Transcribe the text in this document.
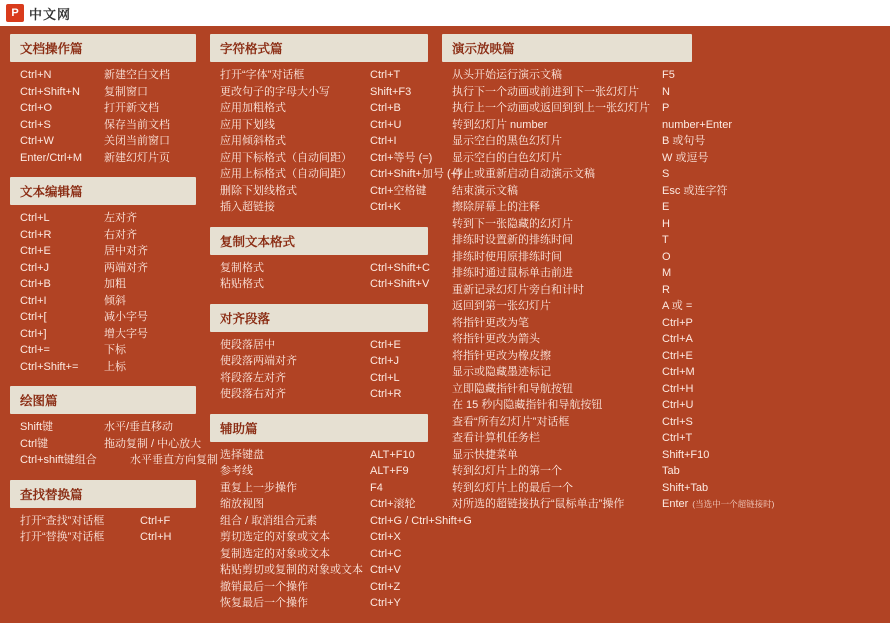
P 中文网
文档操作篇
Ctrl+N	新建空白文档
Ctrl+Shift+N	复制窗口
Ctrl+O	打开新文档
Ctrl+S	保存当前文档
Ctrl+W	关闭当前窗口
Enter/Ctrl+M	新建幻灯片页
文本编辑篇
Ctrl+L	左对齐
Ctrl+R	右对齐
Ctrl+E	居中对齐
Ctrl+J	两端对齐
Ctrl+B	加粗
Ctrl+I	倾斜
Ctrl+[	减小字号
Ctrl+]	增大字号
Ctrl+=	下标
Ctrl+Shift+=	上标
绘图篇
Shift键	水平/垂直移动
Ctrl键	拖动复制 / 中心放大
Ctrl+shift键组合	水平垂直方向复制
查找替换篇
打开“查找”对话框	Ctrl+F
打开“替换”对话框	Ctrl+H
字符格式篇
打开“字体”对话框	Ctrl+T
更改句子的字母大小写	Shift+F3
应用加粗格式	Ctrl+B
应用下划线	Ctrl+U
应用倾斜格式	Ctrl+I
应用下标格式（自动间距）	Ctrl+等号 (=)
应用上标格式（自动间距）	Ctrl+Shift+加号 (+)
删除下划线格式	Ctrl+空格键
插入超链接	Ctrl+K
复制文本格式
复制格式	Ctrl+Shift+C
粘贴格式	Ctrl+Shift+V
对齐段落
使段落居中	Ctrl+E
使段落两端对齐	Ctrl+J
将段落左对齐	Ctrl+L
使段落右对齐	Ctrl+R
辅助篇
选择键盘	ALT+F10
参考线	ALT+F9
重复上一步操作	F4
缩放视图	Ctrl+滚轮
组合 / 取消组合元素	Ctrl+G / Ctrl+Shift+G
剪切选定的对象或文本	Ctrl+X
复制选定的对象或文本	Ctrl+C
粘贴剪切或复制的对象或文本 Ctrl+V
撤销最后一个操作	Ctrl+Z
恢复最后一个操作	Ctrl+Y
演示放映篇
从头开始运行演示文稿	F5
执行下一个动画或前进到下一张幻灯片	N
执行上一个动画或返回到到上一张幻灯片	P
转到幻灯片 number	number+Enter
显示空白的黑色幻灯片	B 或句号
显示空白的白色幻灯片	W 或逗号
停止或重新启动自动演示文稿	S
结束演示文稿	Esc 或连字符
擦除屏幕上的注释	E
转到下一张隐藏的幻灯片	H
排练时设置新的排练时间	T
排练时使用原排练时间	O
排练时通过鼠标单击前进	M
重新记录幻灯片旁白和计时	R
返回到第一张幻灯片	A 或 =
将指针更改为笔	Ctrl+P
将指针更改为箭头	Ctrl+A
将指针更改为橡皮擦	Ctrl+E
显示或隐藏墨迹标记	Ctrl+M
立即隐藏指针和导航按钮	Ctrl+H
在 15 秒内隐藏指针和导航按钮	Ctrl+U
查看“所有幻灯片”对话框	Ctrl+S
查看计算机任务栏	Ctrl+T
显示快捷菜单	Shift+F10
转到幻灯片上的第一个	Tab
转到幻灯片上的最后一个	Shift+Tab
对所选的超链接执行“鼠标单击”操作	Enter (当选中一个超链接时)
